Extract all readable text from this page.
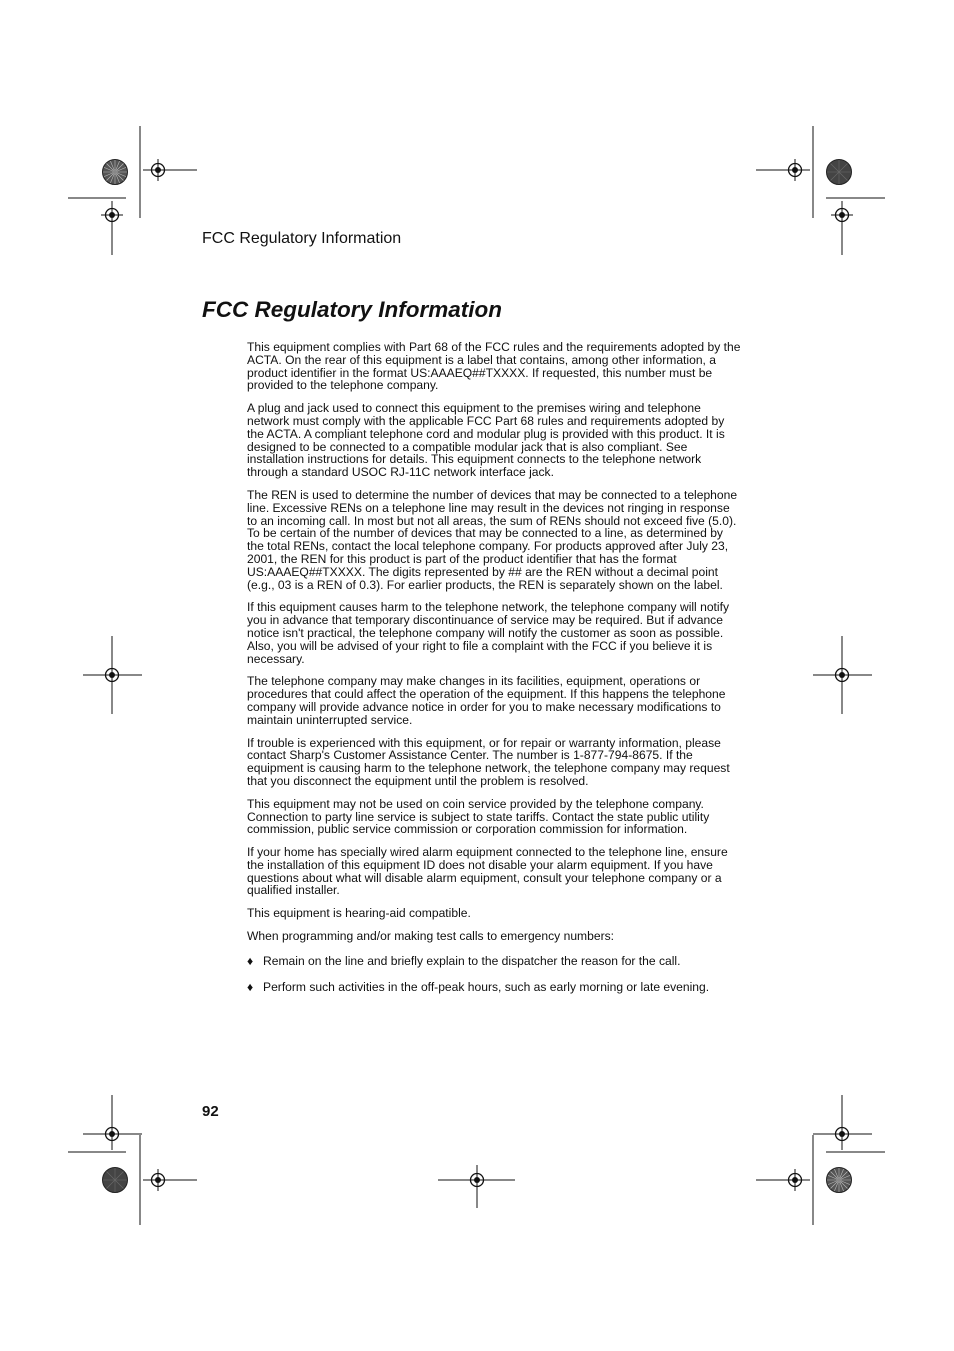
FCC Regulatory Information
FCC Regulatory Information

This equipment complies with Part 68 of the FCC rules and the requirements adopted by the ACTA. On the rear of this equipment is a label that contains, among other information, a product identifier in the format US:AAAEQ##TXXXX. If requested, this number must be provided to the telephone company.

A plug and jack used to connect this equipment to the premises wiring and telephone network must comply with the applicable FCC Part 68 rules and requirements adopted by the ACTA. A compliant telephone cord and modular plug is provided with this product. It is designed to be connected to a compatible modular jack that is also compliant. See installation instructions for details. This equipment connects to the telephone network through a standard USOC RJ-11C network interface jack.

The REN is used to determine the number of devices that may be connected to a telephone line. Excessive RENs on a telephone line may result in the devices not ringing in response to an incoming call. In most but not all areas, the sum of RENs should not exceed five (5.0). To be certain of the number of devices that may be connected to a line, as determined by the total RENs, contact the local telephone company. For products approved after July 23, 2001, the REN for this product is part of the product identifier that has the format US:AAAEQ##TXXXX. The digits represented by ## are the REN without a decimal point (e.g., 03 is a REN of 0.3). For earlier products, the REN is separately shown on the label.

If this equipment causes harm to the telephone network, the telephone company will notify you in advance that temporary discontinuance of service may be required. But if advance notice isn't practical, the telephone company will notify the customer as soon as possible. Also, you will be advised of your right to file a complaint with the FCC if you believe it is necessary.

The telephone company may make changes in its facilities, equipment, operations or procedures that could affect the operation of the equipment. If this happens the telephone company will provide advance notice in order for you to make necessary modifications to maintain uninterrupted service.

If trouble is experienced with this equipment, or for repair or warranty information, please contact Sharp's Customer Assistance Center. The number is 1-877-794-8675. If the equipment is causing harm to the telephone network, the telephone company may request that you disconnect the equipment until the problem is resolved.

This equipment may not be used on coin service provided by the telephone company. Connection to party line service is subject to state tariffs. Contact the state public utility commission, public service commission or corporation commission for information.

If your home has specially wired alarm equipment connected to the telephone line, ensure the installation of this equipment ID does not disable your alarm equipment. If you have questions about what will disable alarm equipment, consult your telephone company or a qualified installer.

This equipment is hearing-aid compatible.

When programming and/or making test calls to emergency numbers:

♦ Remain on the line and briefly explain to the dispatcher the reason for the call.
♦ Perform such activities in the off-peak hours, such as early morning or late evening.
92
